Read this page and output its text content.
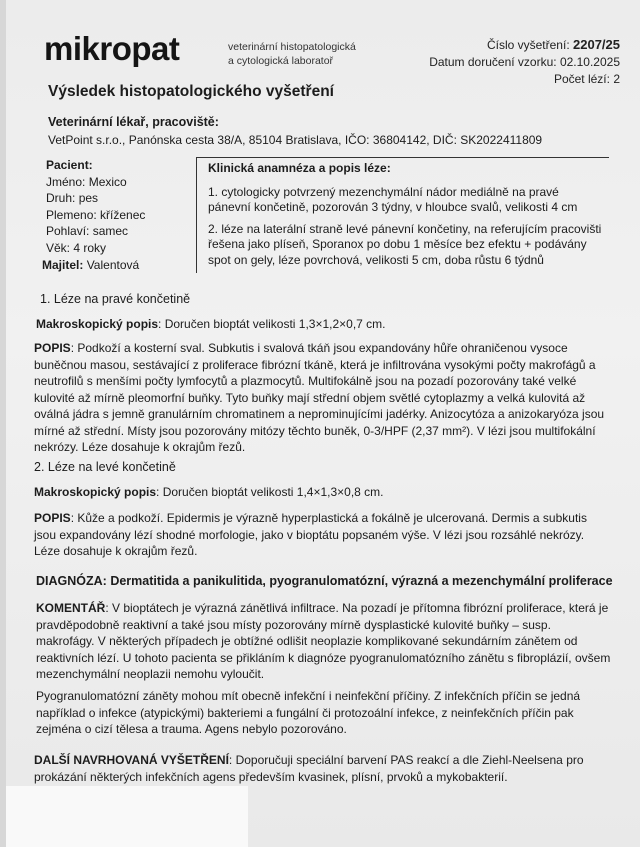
mikropat	veterinární histopatologická
a cytologická laboratoř
Číslo vyšetření: 2207/25
Datum doručení vzorku: 02.10.2025
Počet lézí: 2
Výsledek histopatologického vyšetření
Veterinární lékař, pracoviště:
VetPoint s.r.o., Panónska cesta 38/A, 85104 Bratislava, IČO: 36804142, DIČ: SK2022411809
Pacient:
Jméno: Mexico
Druh: pes
Plemeno: kříženec
Pohlaví: samec
Věk: 4 roky
Majitel: Valentová
Klinická anamnéza a popis léze:

1. cytologicky potvrzený mezenchymální nádor mediálně na pravé pánevní končetině, pozorován 3 týdny, v hloubce svalů, velikosti 4 cm

2. léze na laterální straně levé pánevní končetiny, na referujícím pracovišti řešena jako plíseň, Sporanox po dobu 1 měsíce bez efektu + podávány spot on gely, léze povrchová, velikosti 5 cm, doba růstu 6 týdnů

1. Léze na pravé končetině
Makroskopický popis: Doručen bioptát velikosti 1,3×1,2×0,7 cm.
POPIS: Podkoží a kosterní sval. Subkutis i svalová tkáň jsou expandovány hůře ohraničenou vysoce buněčnou masou, sestávající z proliferace fibrózní tkáně, která je infiltrována vysokými počty makrofágů a neutrofilů s menšími počty lymfocytů a plazmocytů. Multifokálně jsou na pozadí pozorovány také velké kulovité až mírně pleomorfní buňky. Tyto buňky mají střední objem světlé cytoplazmy a velká kulovitá až oválná jádra s jemně granulárním chromatinem a neprominujícími jadérky. Anizocytóza a anizokaryóza jsou mírné až střední. Místy jsou pozorovány mitózy těchto buněk, 0-3/HPF (2,37 mm²). V lézi jsou multifokální nekrózy. Léze dosahuje k okrajům řezů.
2. Léze na levé končetině
Makroskopický popis: Doručen bioptát velikosti 1,4×1,3×0,8 cm.
POPIS: Kůže a podkoží. Epidermis je výrazně hyperplastická a fokálně je ulcerovaná. Dermis a subkutis jsou expandovány lézí shodné morfologie, jako v bioptátu popsaném výše. V lézi jsou rozsáhlé nekrózy. Léze dosahuje k okrajům řezů.
DIAGNÓZA: Dermatitida a panikulitida, pyogranulomatózní, výrazná a mezenchymální proliferace
KOMENTÁŘ: V bioptátech je výrazná zánětlivá infiltrace. Na pozadí je přítomna fibrózní proliferace, která je pravděpodobně reaktivní a také jsou místy pozorovány mírně dysplastické kulovité buňky – susp. makrofágy. V některých případech je obtížné odlišit neoplazie komplikované sekundárním zánětem od reaktivních lézí. U tohoto pacienta se přikláním k diagnóze pyogranulomatózního zánětu s fibroplázií, ovšem mezenchymální neoplazii nemohu vyloučit.
Pyogranulomatózní záněty mohou mít obecně infekční i neinfekční příčiny. Z infekčních příčin se jedná například o infekce (atypickými) bakteriemi a fungální či protozoální infekce, z neinfekčních příčin pak zejména o cizí tělesa a trauma. Agens nebylo pozorováno.
DALŠÍ NAVRHOVANÁ VYŠETŘENÍ: Doporučuji speciální barvení PAS reakcí a dle Ziehl-Neelsena pro prokázání některých infekčních agens především kvasinek, plísní, prvoků a mykobakterií.
